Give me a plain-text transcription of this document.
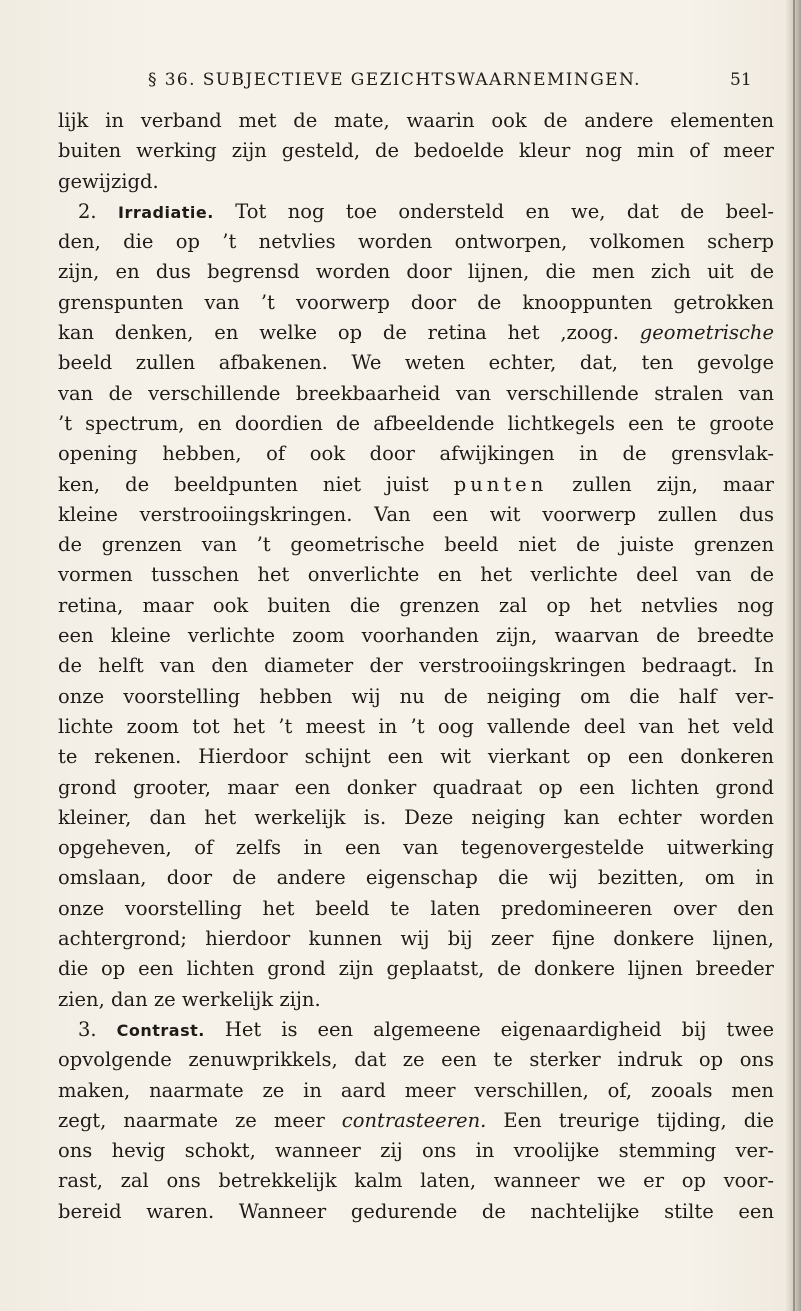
§ 36. SUBJECTIEVE GEZICHTSWAARNEMINGEN.	51
lijk in verband met de mate, waarin ook de andere elementen
buiten werking zijn gesteld, de bedoelde kleur nog min of meer
gewijzigd.
2. Irradiatie. Tot nog toe ondersteld en we, dat de beel-
den, die op ’t netvlies worden ontworpen, volkomen scherp
zijn, en dus begrensd worden door lijnen, die men zich uit de
grenspunten van ’t voorwerp door de knooppunten getrokken
kan denken, en welke op de retina het ,zoog. geometrische
beeld zullen afbakenen. We weten echter, dat, ten gevolge
van de verschillende breekbaarheid van verschillende stralen van
’t spectrum, en doordien de afbeeldende lichtkegels een te groote
opening hebben, of ook door afwijkingen in de grensvlak-
ken, de beeldpunten niet juist punten zullen zijn, maar
kleine verstrooiingskringen. Van een wit voorwerp zullen dus
de grenzen van ’t geometrische beeld niet de juiste grenzen
vormen tusschen het onverlichte en het verlichte deel van de
retina, maar ook buiten die grenzen zal op het netvlies nog
een kleine verlichte zoom voorhanden zijn, waarvan de breedte
de helft van den diameter der verstrooiingskringen bedraagt. In
onze voorstelling hebben wij nu de neiging om die half ver-
lichte zoom tot het ’t meest in ’t oog vallende deel van het veld
te rekenen. Hierdoor schijnt een wit vierkant op een donkeren
grond grooter, maar een donker quadraat op een lichten grond
kleiner, dan het werkelijk is. Deze neiging kan echter worden
opgeheven, of zelfs in een van tegenovergestelde uitwerking
omslaan, door de andere eigenschap die wij bezitten, om in
onze voorstelling het beeld te laten predomineeren over den
achtergrond; hierdoor kunnen wij bij zeer fijne donkere lijnen,
die op een lichten grond zijn geplaatst, de donkere lijnen breeder
zien, dan ze werkelijk zijn.
3. Contrast. Het is een algemeene eigenaardigheid bij twee
opvolgende zenuwprikkels, dat ze een te sterker indruk op ons
maken, naarmate ze in aard meer verschillen, of, zooals men
zegt, naarmate ze meer contrasteeren. Een treurige tijding, die
ons hevig schokt, wanneer zij ons in vroolijke stemming ver-
rast, zal ons betrekkelijk kalm laten, wanneer we er op voor-
bereid waren. Wanneer gedurende de nachtelijke stilte een
